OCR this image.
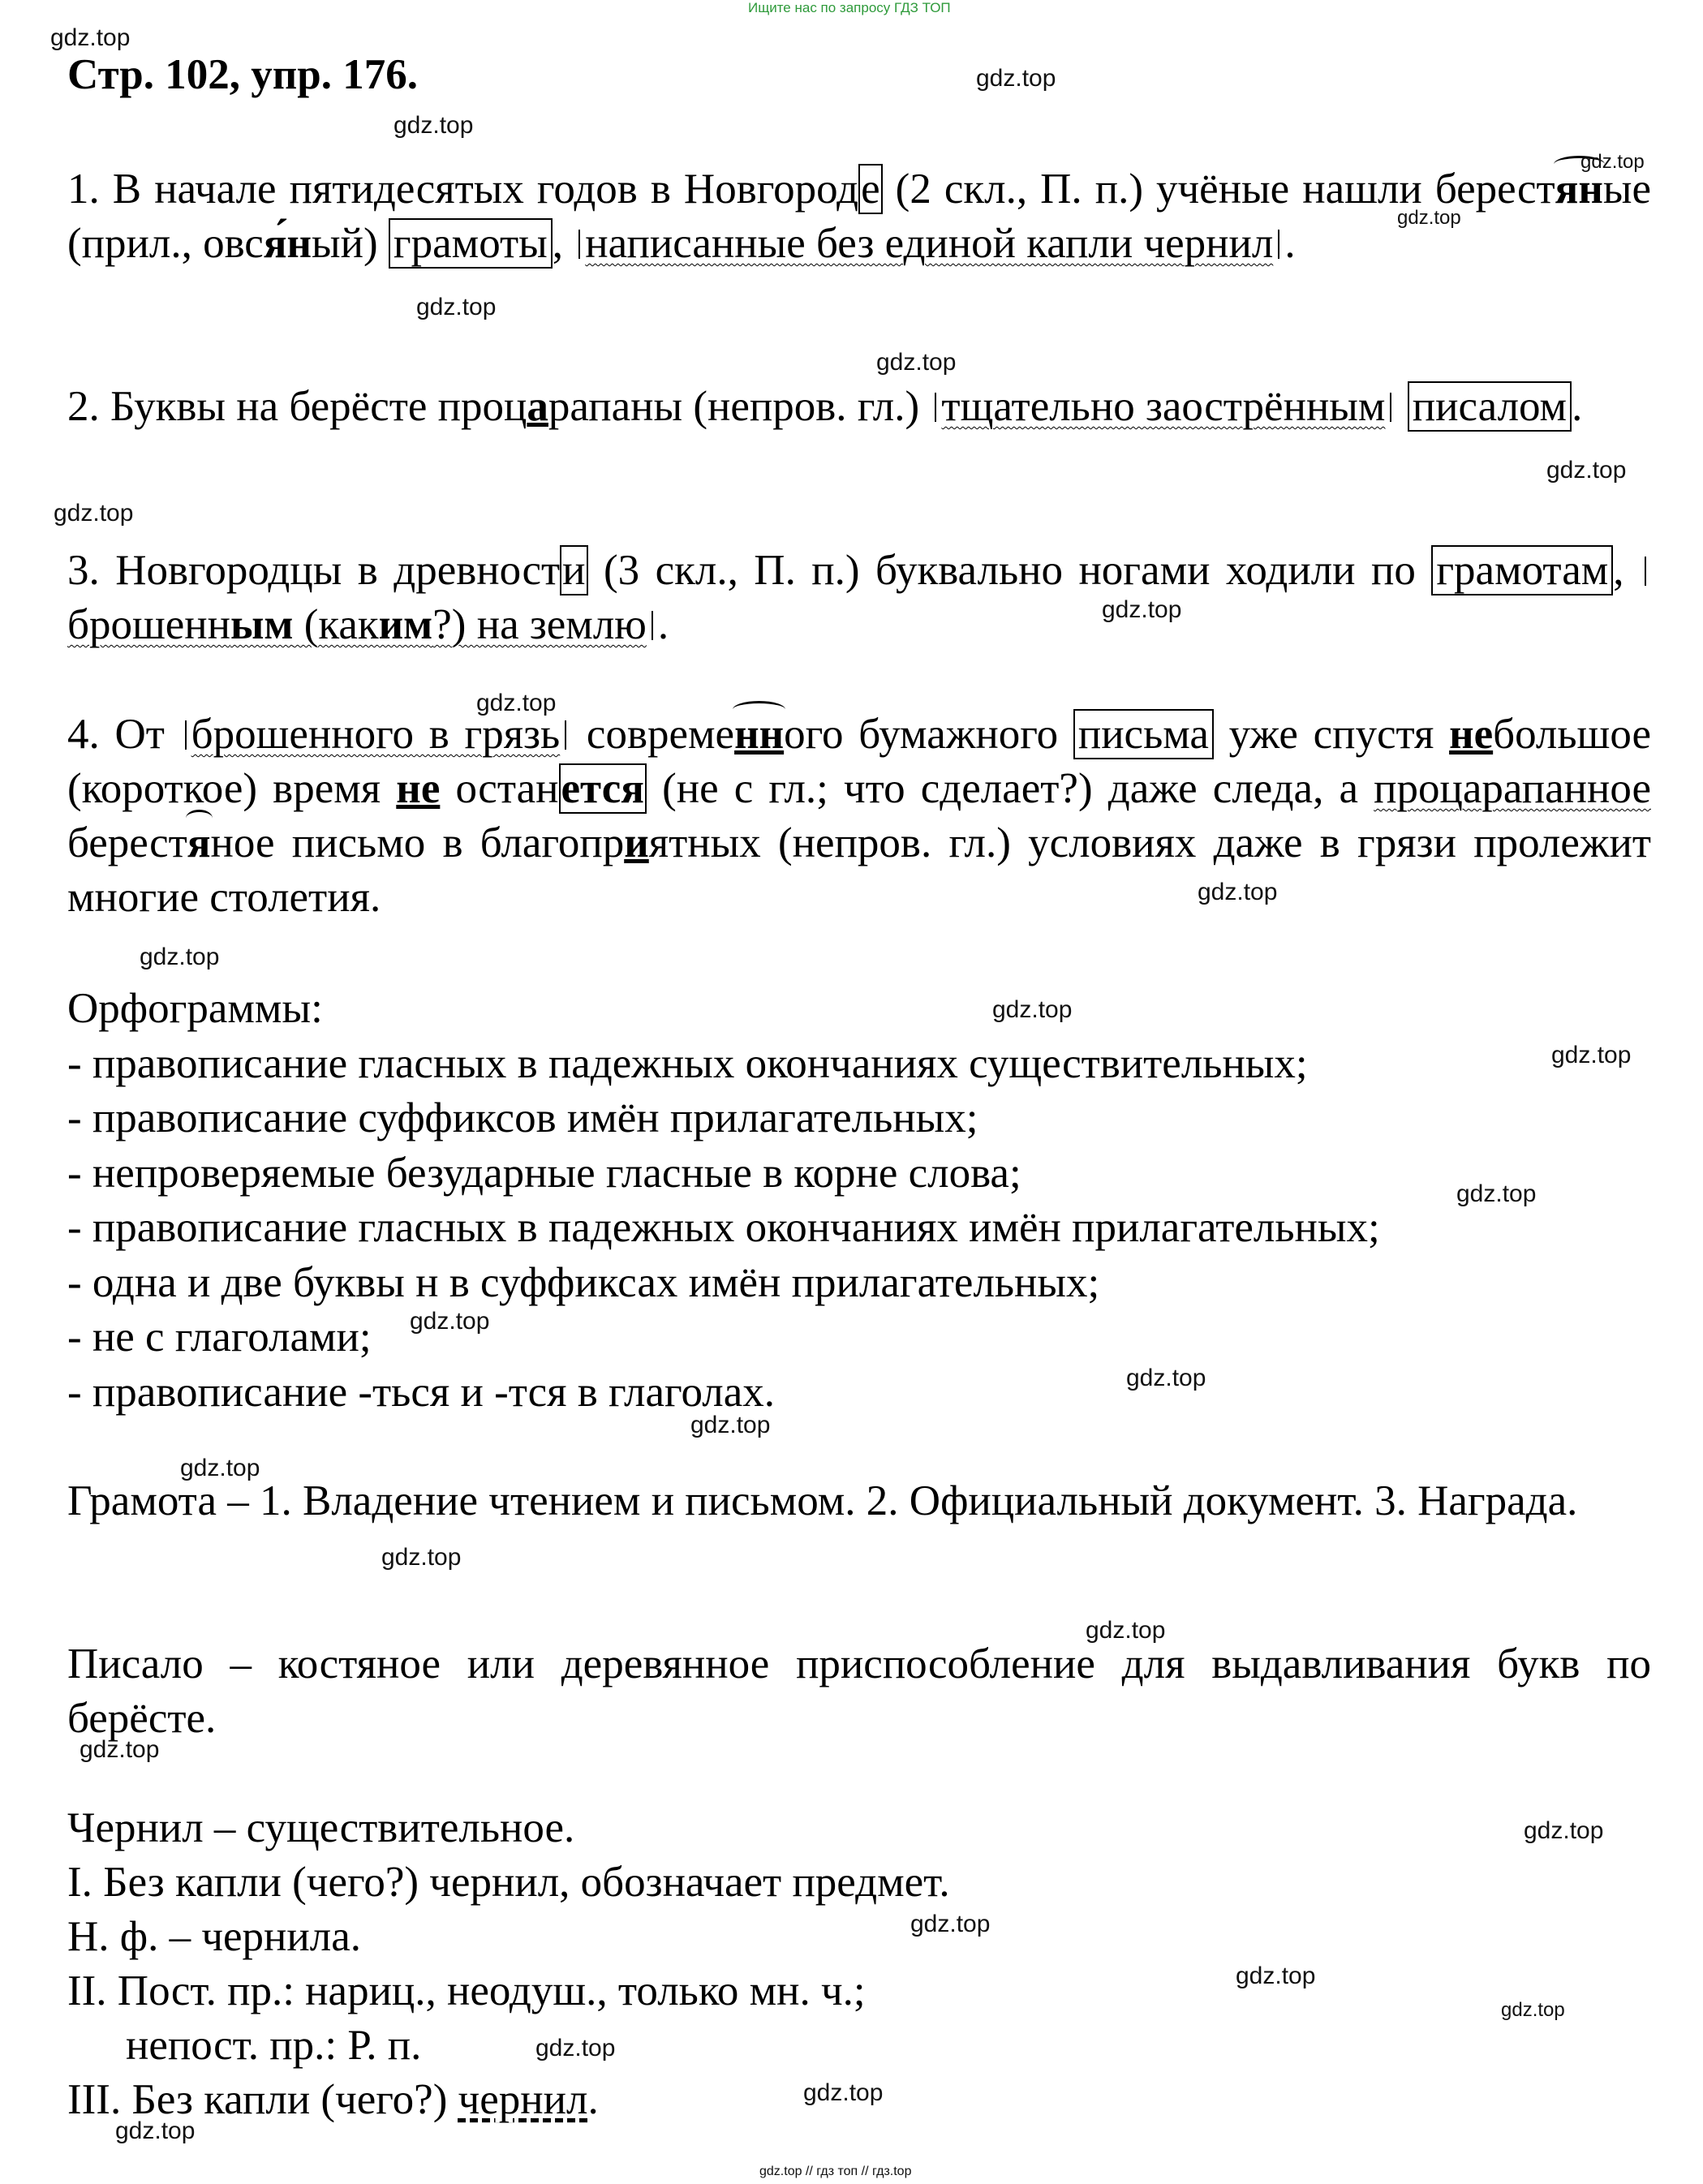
Ищите нас по запросу ГДЗ ТОП
Стр. 102, упр. 176.
1. В начале пятидесятых годов в Новгороде (2 скл., П. п.) учёные нашли берестяные (прил., овся́ный) грамоты , написанные без единой капли чернил .
2. Буквы на берёсте процарапаны (непров. гл.) тщательно заострённым писалом .
3. Новгородцы в древности (3 скл., П. п.) буквально ногами ходили по грамотам , брошенным (каким?) на землю .
4. От брошенного в грязь современного бумажного письма уже спустя небольшое (короткое) время не останется (не с гл.; что сделает?) даже следа, а процарапанное берестяное письмо в благоприятных (непров. гл.) условиях даже в грязи пролежит многие столетия.
Орфограммы:
- правописание гласных в падежных окончаниях существительных;
- правописание суффиксов имён прилагательных;
- непроверяемые безударные гласные в корне слова;
- правописание гласных в падежных окончаниях имён прилагательных;
- одна и две буквы н в суффиксах имён прилагательных;
- не с глаголами;
- правописание -ться и -тся в глаголах.
Грамота – 1. Владение чтением и письмом. 2. Официальный документ. 3. Награда.
Писало – костяное или деревянное приспособление для выдавливания букв по берёсте.
Чернил – существительное.
I. Без капли (чего?) чернил, обозначает предмет.
Н. ф. – чернила.
II. Пост. пр.: нариц., неодуш., только мн. ч.;
непост. пр.: Р. п.
III. Без капли (чего?) чернил.
gdz.top
gdz.top
gdz.top
gdz.top
gdz.top
gdz.top
gdz.top
gdz.top
gdz.top
gdz.top
gdz.top
gdz.top
gdz.top
gdz.top
gdz.top
gdz.top
gdz.top
gdz.top
gdz.top
gdz.top
gdz.top
gdz.top
gdz.top
gdz.top
gdz.top
gdz.top
gdz.top
gdz.top
gdz.top
gdz.top
gdz.top // гдз топ // гдз.top
